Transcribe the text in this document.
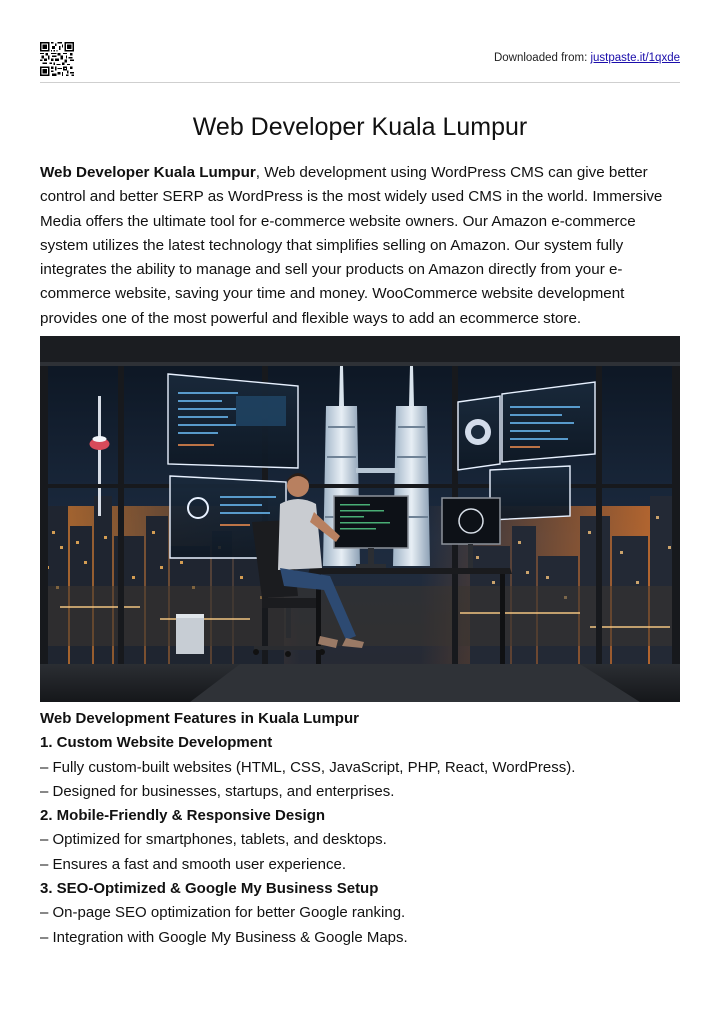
Downloaded from: justpaste.it/1qxde
Web Developer Kuala Lumpur

Web Developer Kuala Lumpur, Web development using WordPress CMS can give better control and better SERP as WordPress is the most widely used CMS in the world. Immersive Media offers the ultimate tool for e-commerce website owners. Our Amazon e-commerce system utilizes the latest technology that simplifies selling on Amazon. Our system fully integrates the ability to manage and sell your products on Amazon directly from your e-commerce website, saving your time and money. WooCommerce website development provides one of the most powerful and flexible ways to add an ecommerce store.

Web Development Features in Kuala Lumpur
1. Custom Website Development
– Fully custom-built websites (HTML, CSS, JavaScript, PHP, React, WordPress).
– Designed for businesses, startups, and enterprises.
2. Mobile-Friendly & Responsive Design
– Optimized for smartphones, tablets, and desktops.
– Ensures a fast and smooth user experience.
3. SEO-Optimized & Google My Business Setup
– On-page SEO optimization for better Google ranking.
– Integration with Google My Business & Google Maps.
